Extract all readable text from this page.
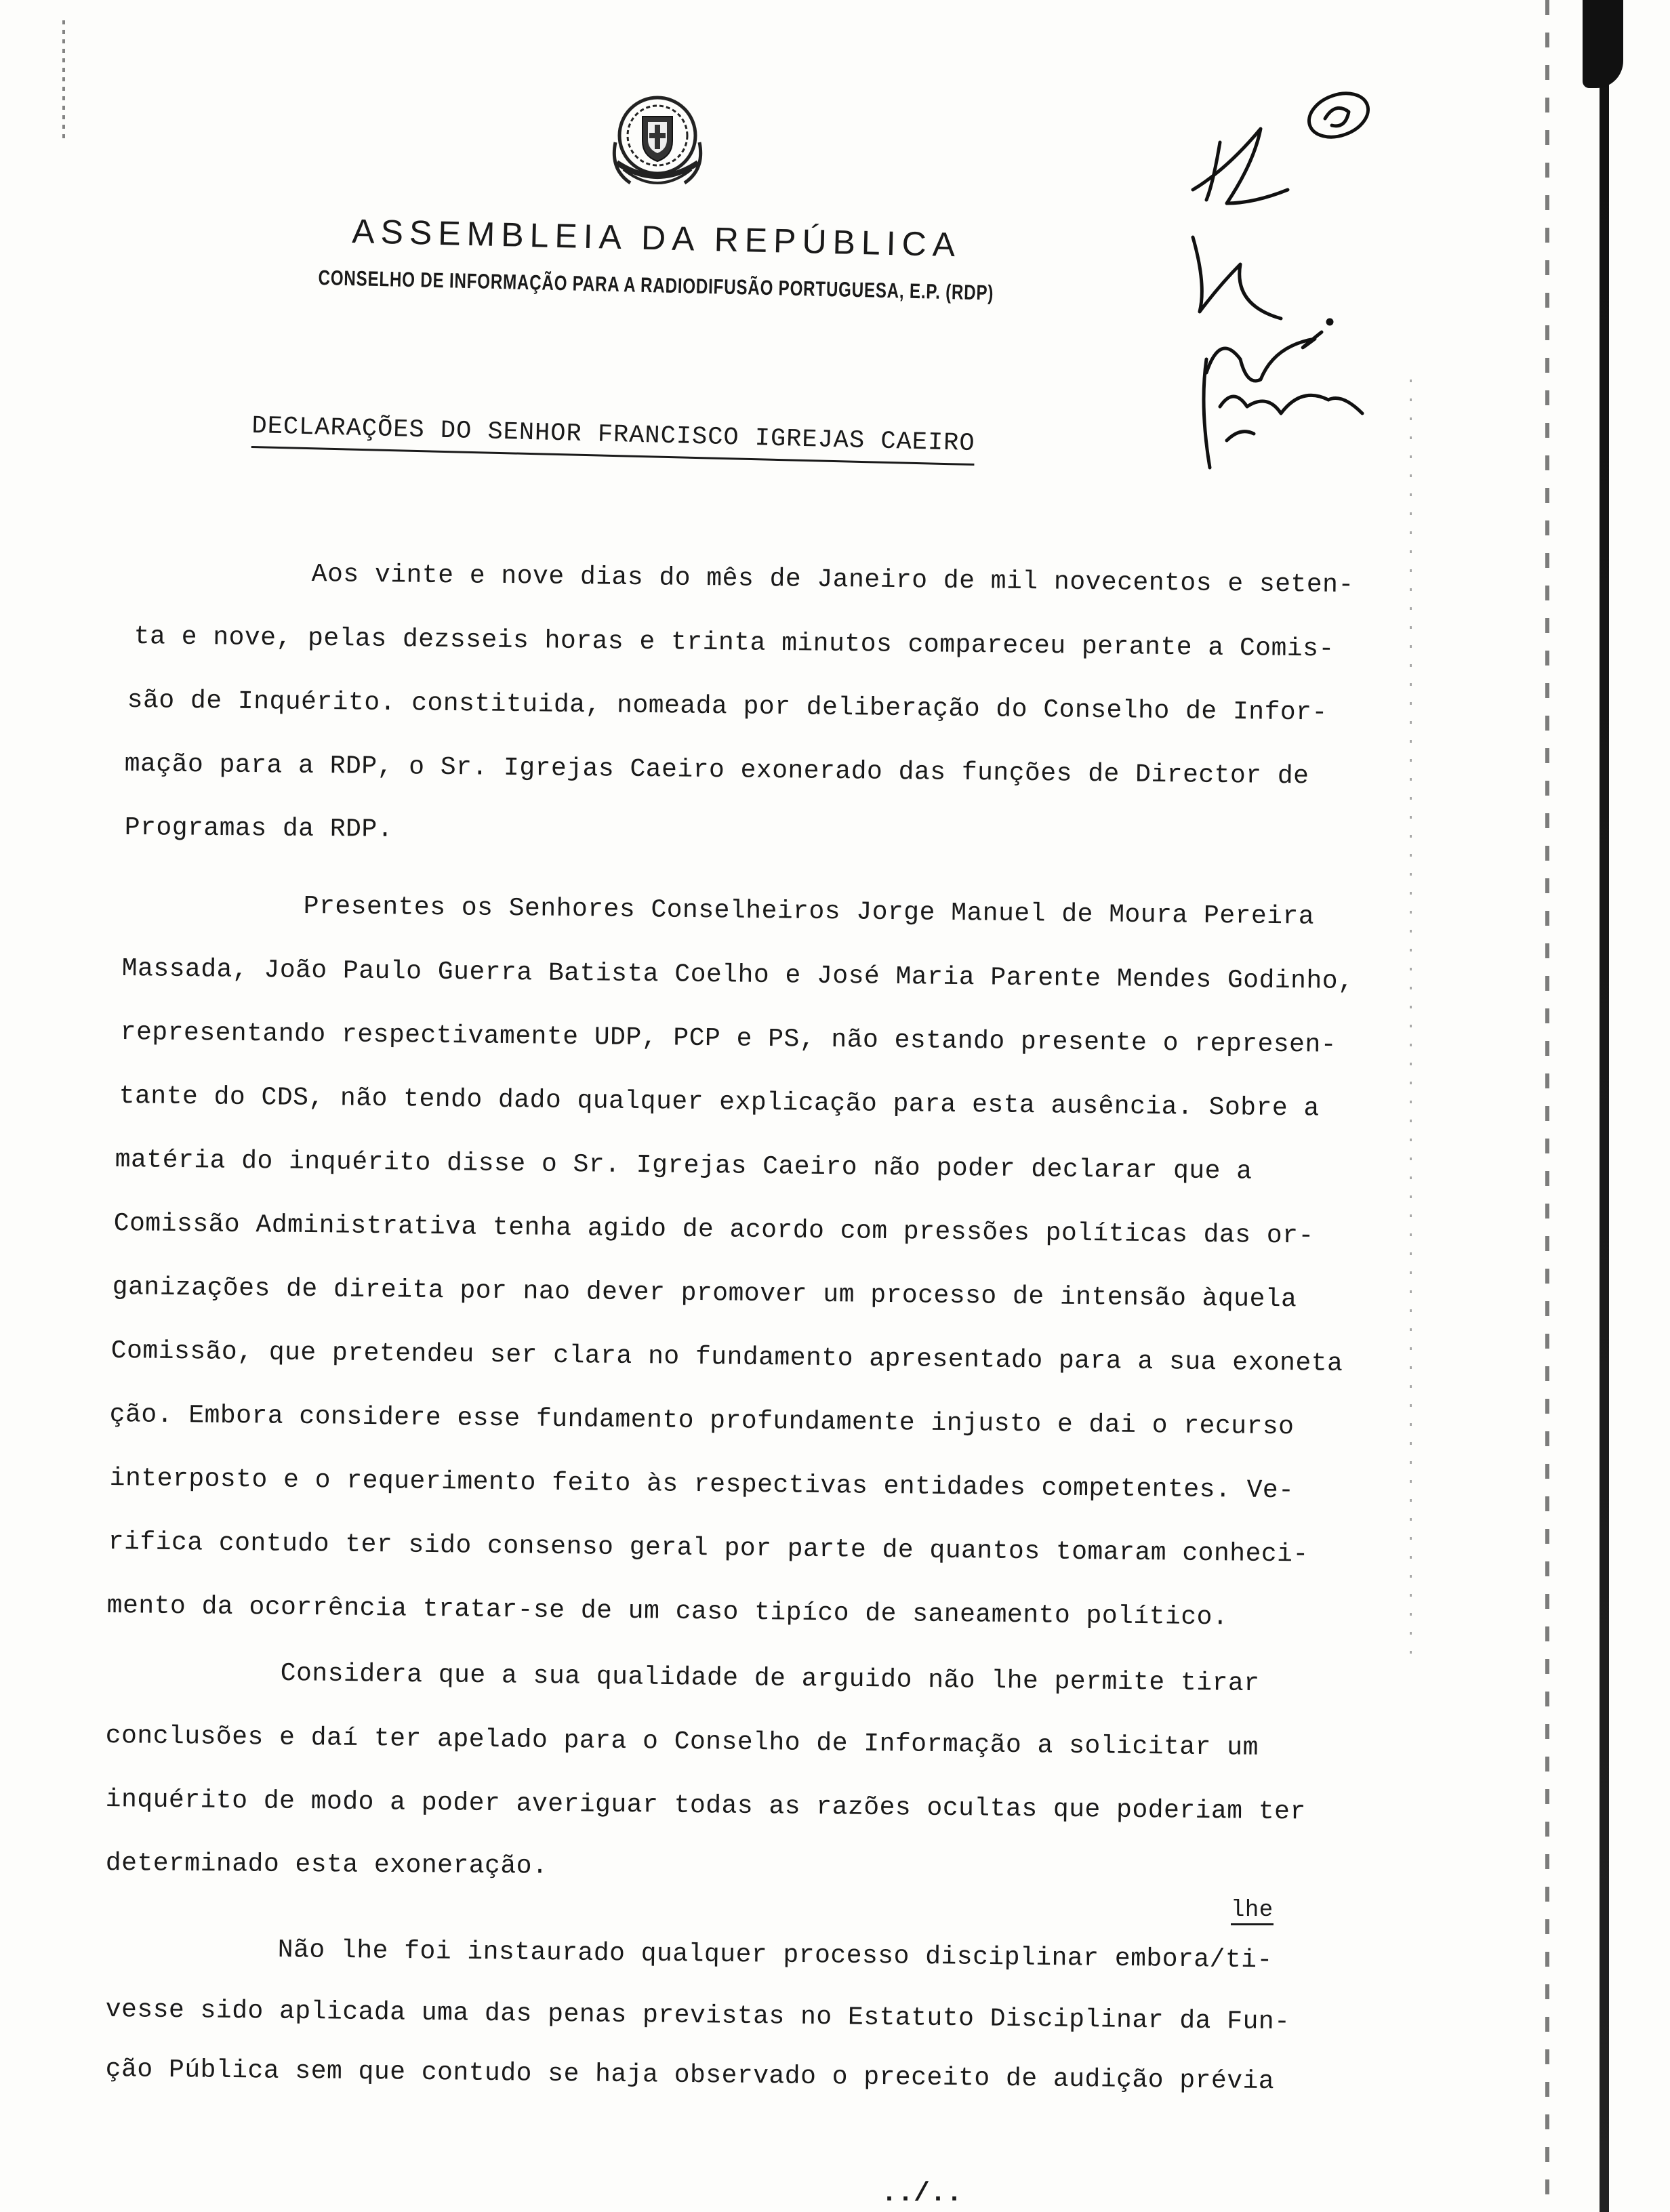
ASSEMBLEIA DA REPÚBLICA
CONSELHO DE INFORMAÇÃO PARA A RADIODIFUSÃO PORTUGUESA, E.P. (RDP)
DECLARAÇÕES DO SENHOR FRANCISCO IGREJAS CAEIRO
Aos vinte e nove dias do mês de Janeiro de mil novecentos e seten-
ta e nove, pelas dezsseis horas e trinta minutos compareceu perante a Comis-
são de Inquérito. constituida, nomeada por deliberação do Conselho de Infor-
mação para a RDP, o Sr. Igrejas Caeiro exonerado das funções de Director de
Programas da RDP.
Presentes os Senhores Conselheiros Jorge Manuel de Moura Pereira
Massada, João Paulo Guerra Batista Coelho e José Maria Parente Mendes Godinho,
representando respectivamente UDP, PCP e PS, não estando presente o represen-
tante do CDS, não tendo dado qualquer explicação para esta ausência. Sobre a
matéria do inquérito disse o Sr. Igrejas Caeiro não poder declarar que a
Comissão Administrativa tenha agido de acordo com pressões políticas das or-
ganizações de direita por nao dever promover um processo de intensão àquela
Comissão, que pretendeu ser clara no fundamento apresentado para a sua exoneta
ção. Embora considere esse fundamento profundamente injusto e dai o recurso
interposto e o requerimento feito às respectivas entidades competentes. Ve-
rifica contudo ter sido consenso geral por parte de quantos tomaram conheci-
mento da ocorrência tratar-se de um caso tipíco de saneamento político.
Considera que a sua qualidade de arguido não lhe permite tirar
conclusões e daí ter apelado para o Conselho de Informação a solicitar um
inquérito de modo a poder averiguar todas as razões ocultas que poderiam ter
determinado esta exoneração.
lhe
Não lhe foi instaurado qualquer processo disciplinar embora/ti-
vesse sido aplicada uma das penas previstas no Estatuto Disciplinar da Fun-
ção Pública sem que contudo se haja observado o preceito de audição prévia
../..
